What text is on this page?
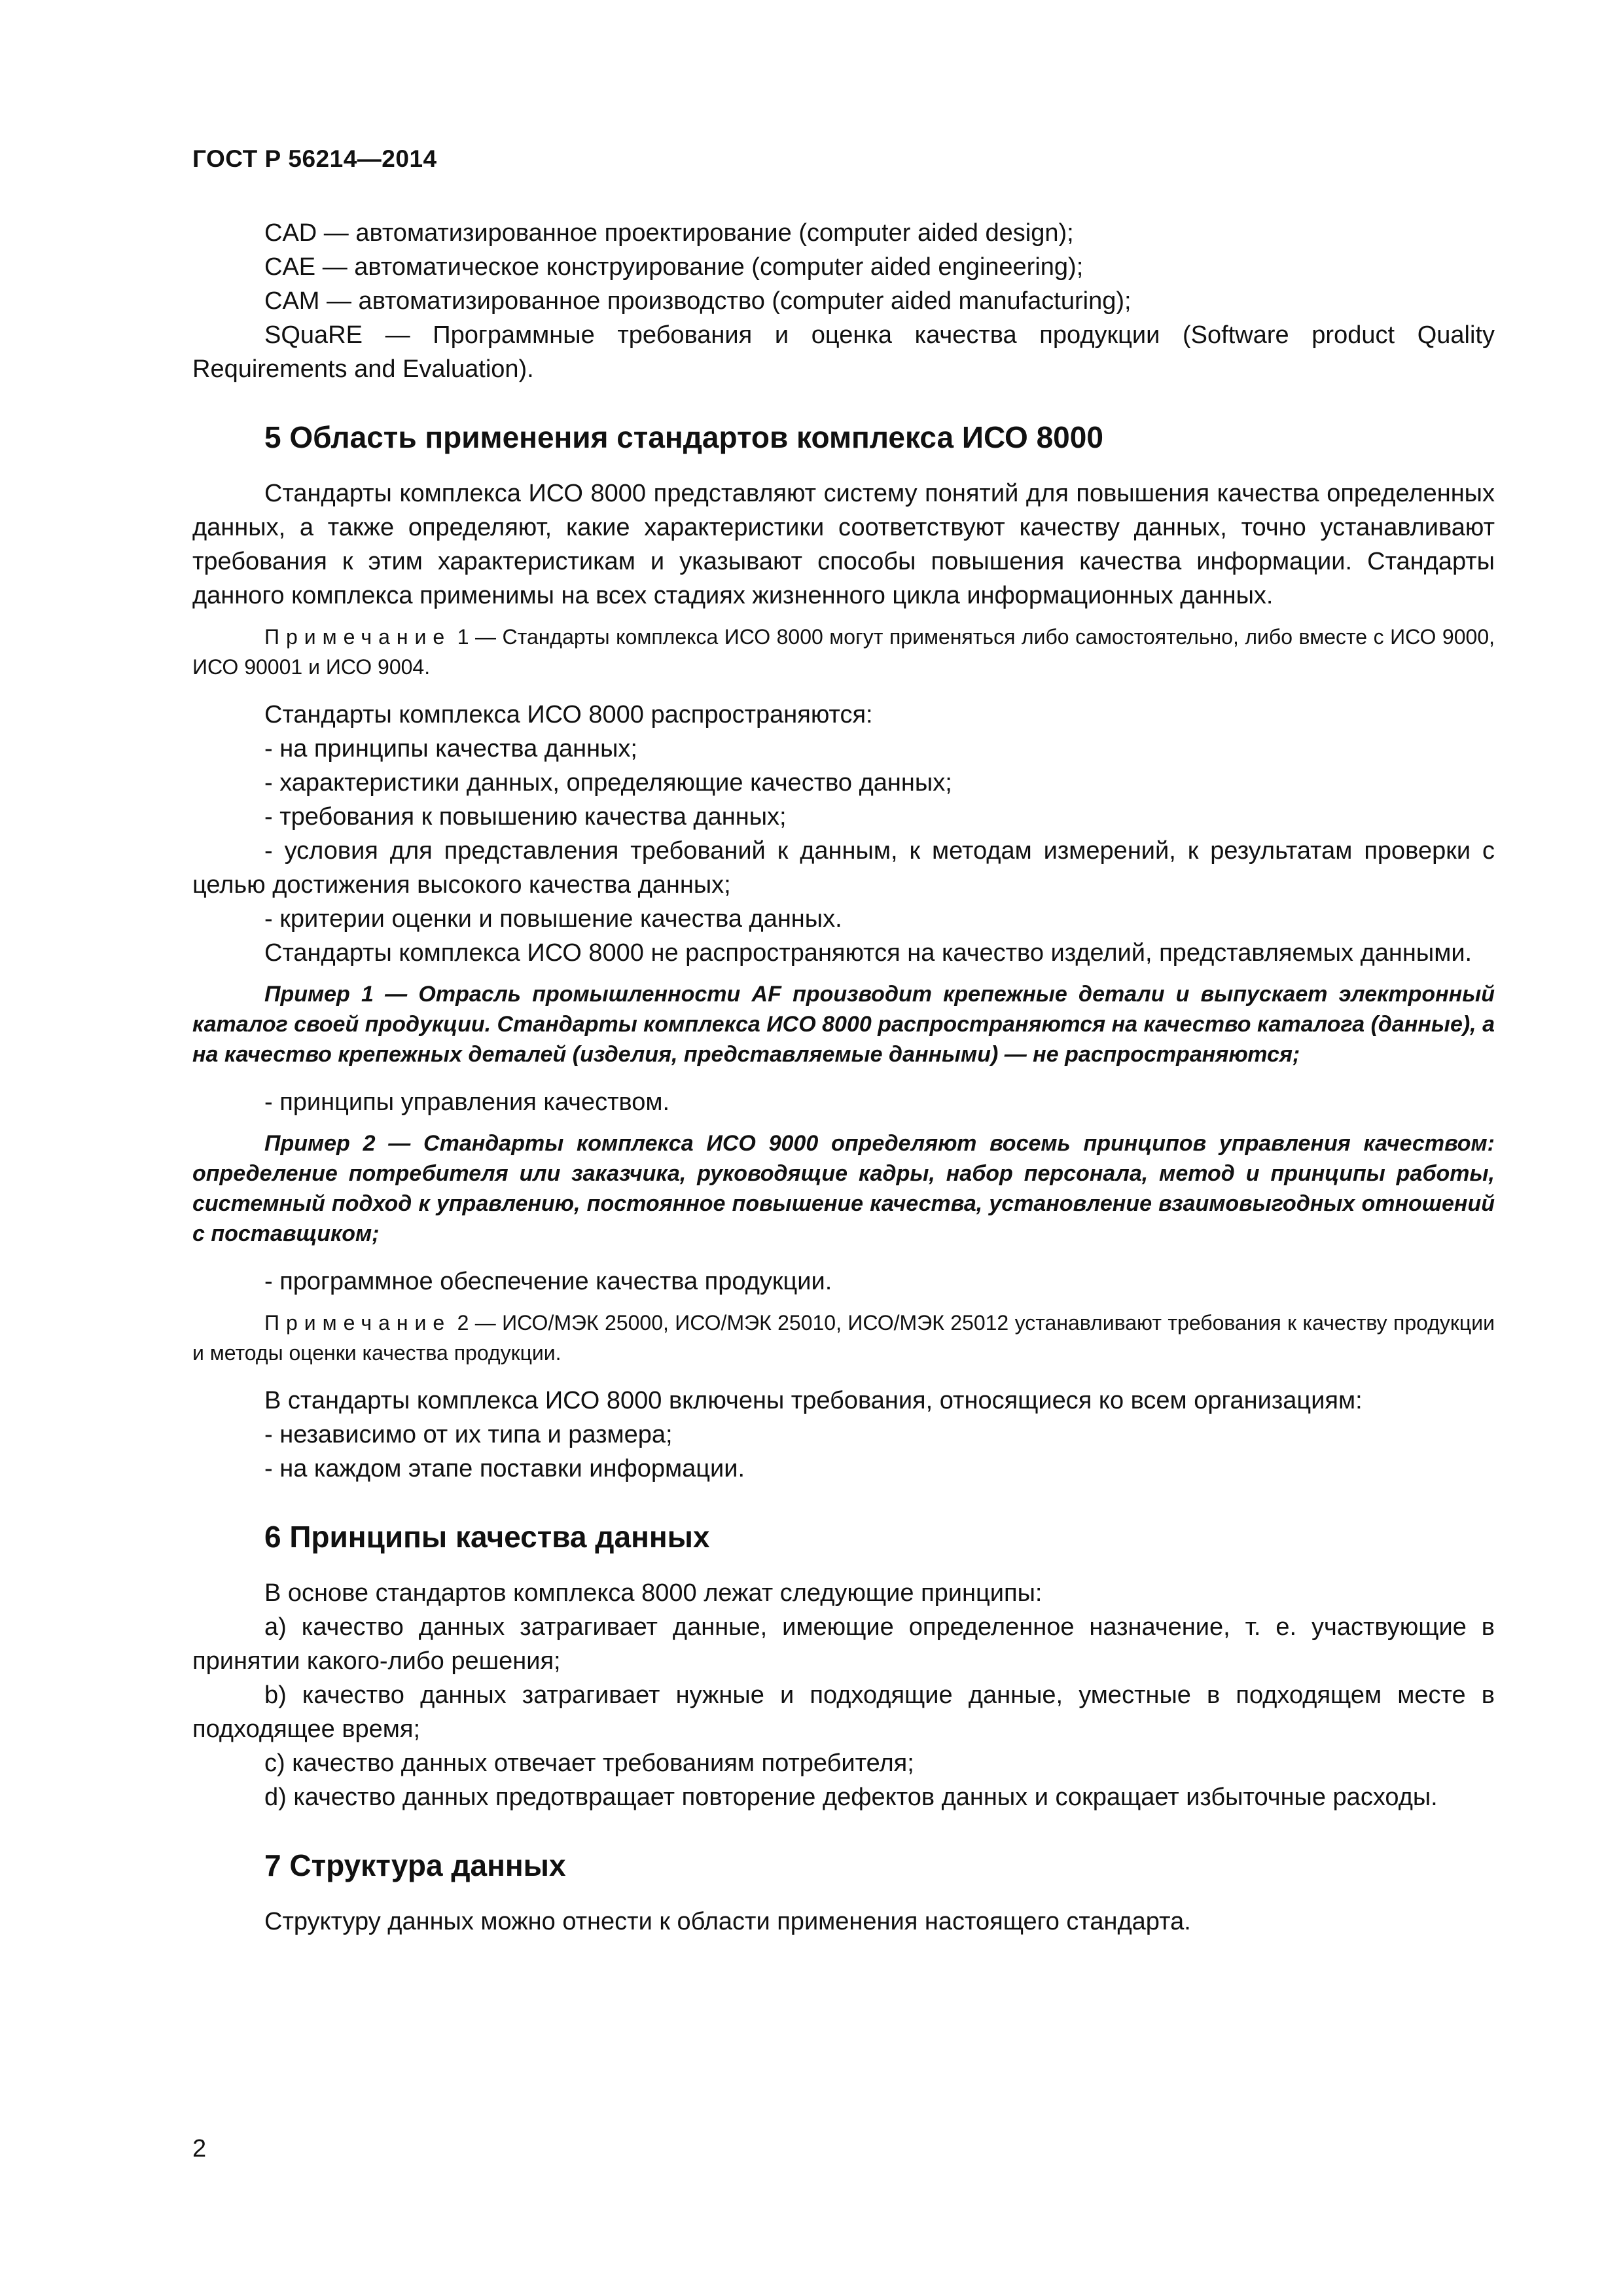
ГОСТ Р 56214—2014

CAD — автоматизированное проектирование (computer aided design);

CAE — автоматическое конструирование (computer aided engineering);

CAM — автоматизированное производство (computer aided manufacturing);

SQuaRE — Программные требования и оценка качества продукции (Software product Quality Requirements and Evaluation).

5 Область применения стандартов комплекса ИСО 8000

Стандарты комплекса ИСО 8000 представляют систему понятий для повышения качества определенных данных, а также определяют, какие характеристики соответствуют качеству данных, точно устанавливают требования к этим характеристикам и указывают способы повышения качества информации. Стандарты данного комплекса применимы на всех стадиях жизненного цикла информационных данных.

Примечание 1 — Стандарты комплекса ИСО 8000 могут применяться либо самостоятельно, либо вместе с ИСО 9000, ИСО 90001 и ИСО 9004.

Стандарты комплекса ИСО 8000 распространяются:

- на принципы качества данных;

- характеристики данных, определяющие качество данных;

- требования к повышению качества данных;

- условия для представления требований к данным, к методам измерений, к результатам проверки с целью достижения высокого качества данных;

- критерии оценки и повышение качества данных.

Стандарты комплекса ИСО 8000 не распространяются на качество изделий, представляемых данными.

Пример 1 — Отрасль промышленности AF производит крепежные детали и выпускает электронный каталог своей продукции. Стандарты комплекса ИСО 8000 распространяются на качество каталога (данные), а на качество крепежных деталей (изделия, представляемые данными) — не распространяются;

- принципы управления качеством.

Пример 2 — Стандарты комплекса ИСО 9000 определяют восемь принципов управления качеством: определение потребителя или заказчика, руководящие кадры, набор персонала, метод и принципы работы, системный подход к управлению, постоянное повышение качества, установление взаимовыгодных отношений с поставщиком;

- программное обеспечение качества продукции.

Примечание 2 — ИСО/МЭК 25000, ИСО/МЭК 25010, ИСО/МЭК 25012 устанавливают требования к качеству продукции и методы оценки качества продукции.

В стандарты комплекса ИСО 8000 включены требования, относящиеся ко всем организациям:

- независимо от их типа и размера;

- на каждом этапе поставки информации.

6 Принципы качества данных

В основе стандартов комплекса 8000 лежат следующие принципы:

а) качество данных затрагивает данные, имеющие определенное назначение, т. е. участвующие в принятии какого-либо решения;

b) качество данных затрагивает нужные и подходящие данные, уместные в подходящем месте в подходящее время;

c) качество данных отвечает требованиям потребителя;

d) качество данных предотвращает повторение дефектов данных и сокращает избыточные расходы.

7 Структура данных

Структуру данных можно отнести к области применения настоящего стандарта.

2
